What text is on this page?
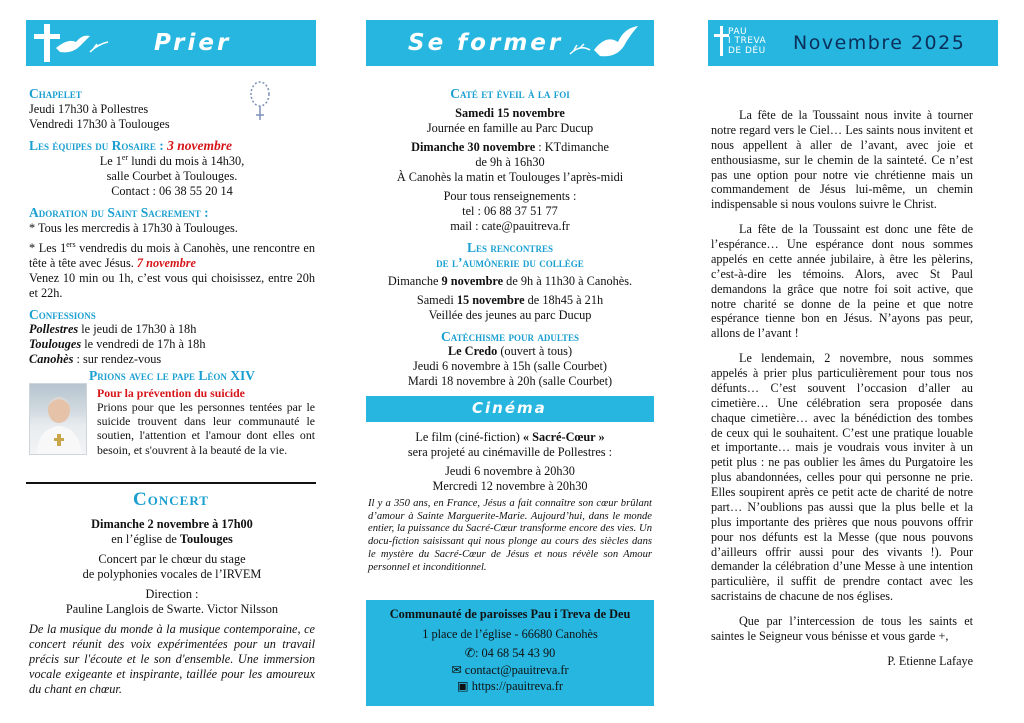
Prier

Chapelet

Jeudi 17h30 à Pollestres

Vendredi 17h30 à Toulouges

Les équipes du Rosaire : 3 novembre

Le 1er lundi du mois à 14h30,

salle Courbet à Toulouges.

Contact : 06 38 55 20 14

Adoration du Saint Sacrement :

* Tous les mercredis à 17h30 à Toulouges.

* Les 1ers vendredis du mois à Canohès, une rencontre en tête à tête avec Jésus. 7 novembre

Venez 10 min ou 1h, c’est vous qui choisissez, entre 20h et 22h.

Confessions

Pollestres le jeudi de 17h30 à 18h

Toulouges le vendredi de 17h à 18h

Canohès : sur rendez-vous

Prions avec le pape Léon XIV

Pour la prévention du suicide

Prions pour que les personnes tentées par le suicide trouvent dans leur communauté le soutien, l'attention et l'amour dont elles ont besoin, et s'ouvrent à la beauté de la vie.

Concert

Dimanche 2 novembre à 17h00

en l’église de Toulouges

Concert par le chœur du stage

de polyphonies vocales de l’IRVEM

Direction :

Pauline Langlois de Swarte. Victor Nilsson

De la musique du monde à la musique contemporaine, ce concert réunit des voix expérimentées pour un travail précis sur l'écoute et le son d'ensemble. Une immersion vocale exigeante et inspirante, taillée pour les amoureux du chant en chœur.

Se former

Caté et éveil à la foi

Samedi 15 novembre

Journée en famille au Parc Ducup

Dimanche 30 novembre : KTdimanche

de 9h à 16h30

À Canohès la matin et Toulouges l’après-midi

Pour tous renseignements :

tel : 06 88 37 51 77

mail : cate@pauitreva.fr

Les rencontres

de l’aumônerie du collège

Dimanche 9 novembre de 9h à 11h30 à Canohès.

Samedi 15 novembre de 18h45 à 21h

Veillée des jeunes au parc Ducup

Catéchisme pour adultes

Le Credo (ouvert à tous)

Jeudi 6 novembre à 15h (salle Courbet)

Mardi 18 novembre à 20h (salle Courbet)

Cinéma

Le film (ciné-fiction) « Sacré-Cœur »

sera projeté au cinémaville de Pollestres :

Jeudi 6 novembre à 20h30

Mercredi 12 novembre à 20h30

Il y a 350 ans, en France, Jésus a fait connaître son cœur brûlant d’amour à Sainte Marguerite-Marie. Aujourd’hui, dans le monde entier, la puissance du Sacré-Cœur transforme encore des vies. Un docu-fiction saisissant qui nous plonge au cours des siècles dans le mystère du Sacré-Cœur de Jésus et nous révèle son Amour personnel et inconditionnel.

Communauté de paroisses Pau i Treva de Deu

1 place de l’église - 66680 Canohès

✆: 04 68 54 43 90

✉ contact@pauitreva.fr

▣ https://pauitreva.fr

PAU
I TREVA
DE DÉU Novembre 2025

La fête de la Toussaint nous invite à tourner notre regard vers le Ciel… Les saints nous invitent et nous appellent à aller de l’avant, avec joie et enthousiasme, sur le chemin de la sainteté. Ce n’est pas une option pour notre vie chrétienne mais un commandement de Jésus lui-même, un chemin indispensable si nous voulons suivre le Christ.

La fête de la Toussaint est donc une fête de l’espérance… Une espérance dont nous sommes appelés en cette année jubilaire, à être les pèlerins, c’est-à-dire les témoins. Alors, avec St Paul demandons la grâce que notre foi soit active, que notre charité se donne de la peine et que notre espérance tienne bon en Jésus. N’ayons pas peur, allons de l’avant !

Le lendemain, 2 novembre, nous sommes appelés à prier plus particulièrement pour tous nos défunts… C’est souvent l’occasion d’aller au cimetière… Une célébration sera proposée dans chaque cimetière… avec la bénédiction des tombes de ceux qui le souhaitent. C’est une pratique louable et importante… mais je voudrais vous inviter à un petit plus : ne pas oublier les âmes du Purgatoire les plus abandonnées, celles pour qui personne ne prie. Elles soupirent après ce petit acte de charité de notre part… N’oublions pas aussi que la plus belle et la plus importante des prières que nous pouvons offrir pour nos défunts est la Messe (que nous pouvons d’ailleurs offrir aussi pour des vivants !). Pour demander la célébration d’une Messe à une intention particulière, il suffit de prendre contact avec les sacristains de chacune de nos églises.

Que par l’intercession de tous les saints et saintes le Seigneur vous bénisse et vous garde +,

P. Etienne Lafaye
